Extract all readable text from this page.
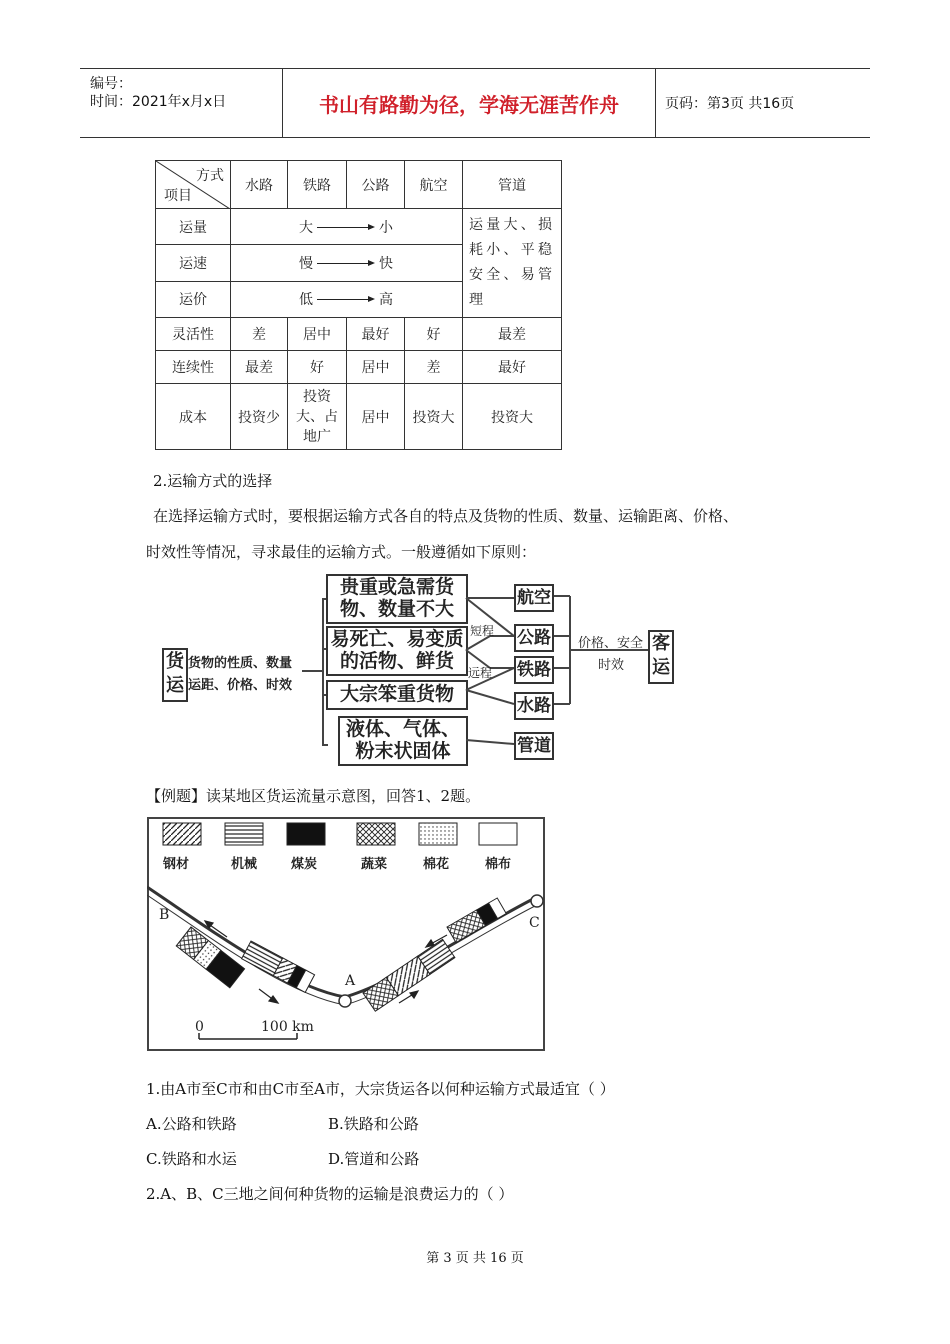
编号：
时间：2021年x月x日	书山有路勤为径，学海无涯苦作舟	页码：第3页 共16页
方式
项目	水路	铁路	公路	航空	管道
运量	大 小				运量大、损耗小、平稳安全、易管理
运速	慢 快				

运价	低 高				

灵活性	差	居中	最好	好	最差
连续性	最差	好	居中	差	最好
成本	投资少	投资大、占地广	居中	投资大	投资大
2.运输方式的选择
在选择运输方式时，要根据运输方式各自的特点及货物的性质、数量、运输距离、价格、
时效性等情况，寻求最佳的运输方式。一般遵循如下原则：
货运
货物的性质、数量
运距、价格、时效
贵重或急需货
物、数量不大
易死亡、易变质
的活物、鲜货
大宗笨重货物
液体、气体、
粉末状固体
航空
公路
铁路
水路
管道
短程
远程
价格、安全
时效
客运
【例题】读某地区货运流量示意图，回答1、2题。
钢材	机械	煤炭	蔬菜	棉花	棉布
B
A
C
0	100 km
1.由A市至C市和由C市至A市，大宗货运各以何种运输方式最适宜（ ）
A.公路和铁路	B.铁路和公路
C.铁路和水运	D.管道和公路
2.A、B、C三地之间何种货物的运输是浪费运力的（ ）
第 3 页 共 16 页
